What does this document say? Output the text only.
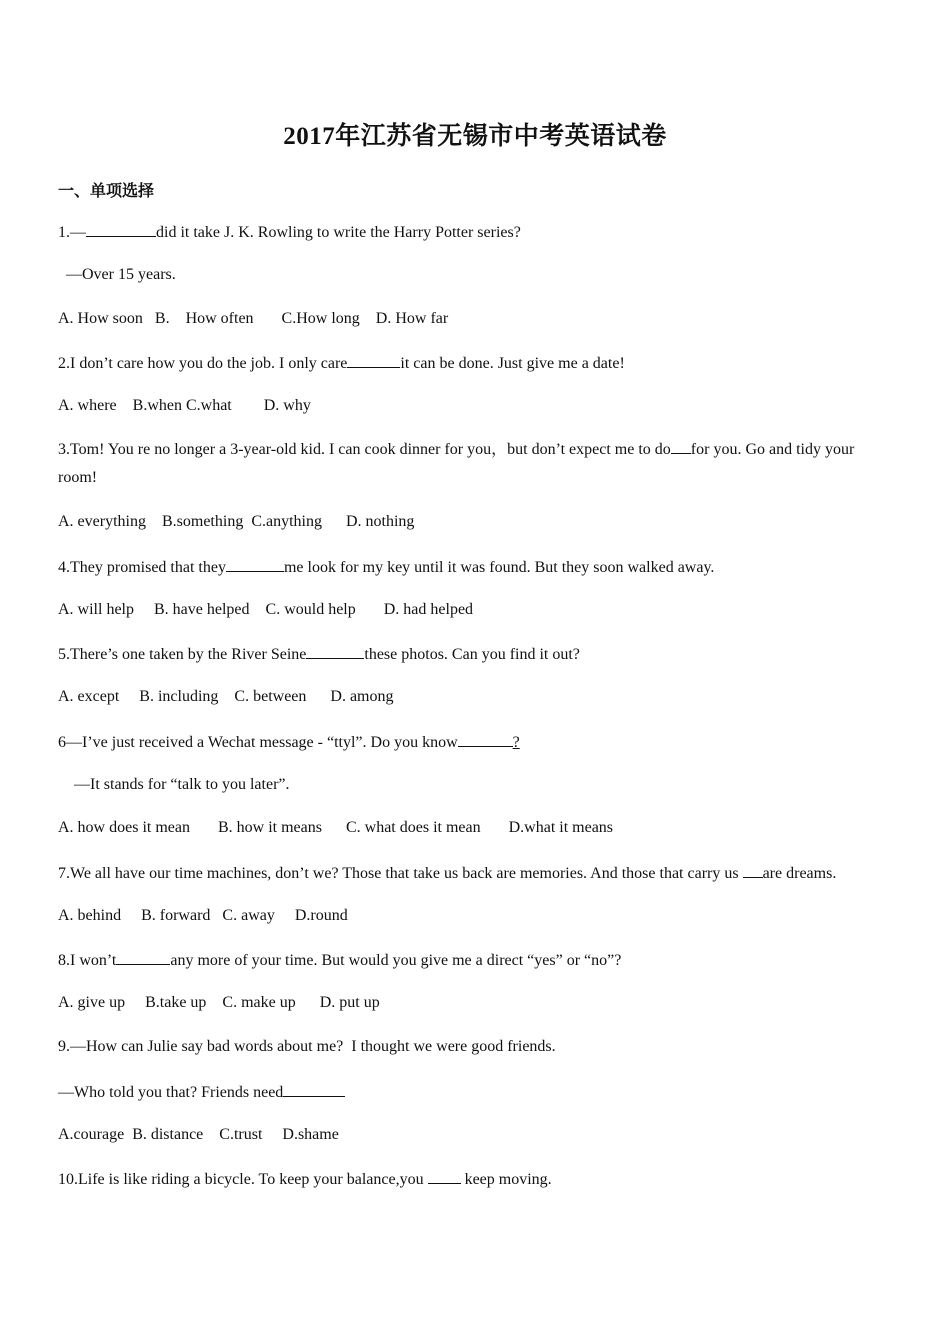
2017年江苏省无锡市中考英语试卷
一、单项选择
1.—	did it take J. K. Rowling to write the Harry Potter series?
—Over 15 years.
A. How soon   B.    How often       C.How long    D. How far
2.I don’t care how you do the job. I only care	it can be done. Just give me a date!
A. where    B.when C.what        D. why
3.Tom! You re no longer a 3-year-old kid. I can cook dinner for you，but don’t expect me to do for you. Go and tidy your room!
A. everything    B.something  C.anything      D. nothing
4.They promised that they	me look for my key until it was found. But they soon walked away.
A. will help     B. have helped    C. would help       D. had helped
5.There’s one taken by the River Seine	these photos. Can you find it out?
A. except     B. including    C. between      D. among
6—I’ve just received a Wechat message - “ttyl”. Do you know	?
—It stands for “talk to you later”.
A. how does it mean       B. how it means      C. what does it mean       D.what it means
7.We all have our time machines, don’t we? Those that take us back are memories. And those that carry us are dreams.
A. behind     B. forward   C. away     D.round
8.I won’t	any more of your time. But would you give me a direct “yes” or “no”?
A. give up     B.take up    C. make up      D. put up
9.—How can Julie say bad words about me?  I thought we were good friends.
—Who told you that? Friends need
A.courage  B. distance    C.trust     D.shame
10.Life is like riding a bicycle. To keep your balance,you  keep moving.
